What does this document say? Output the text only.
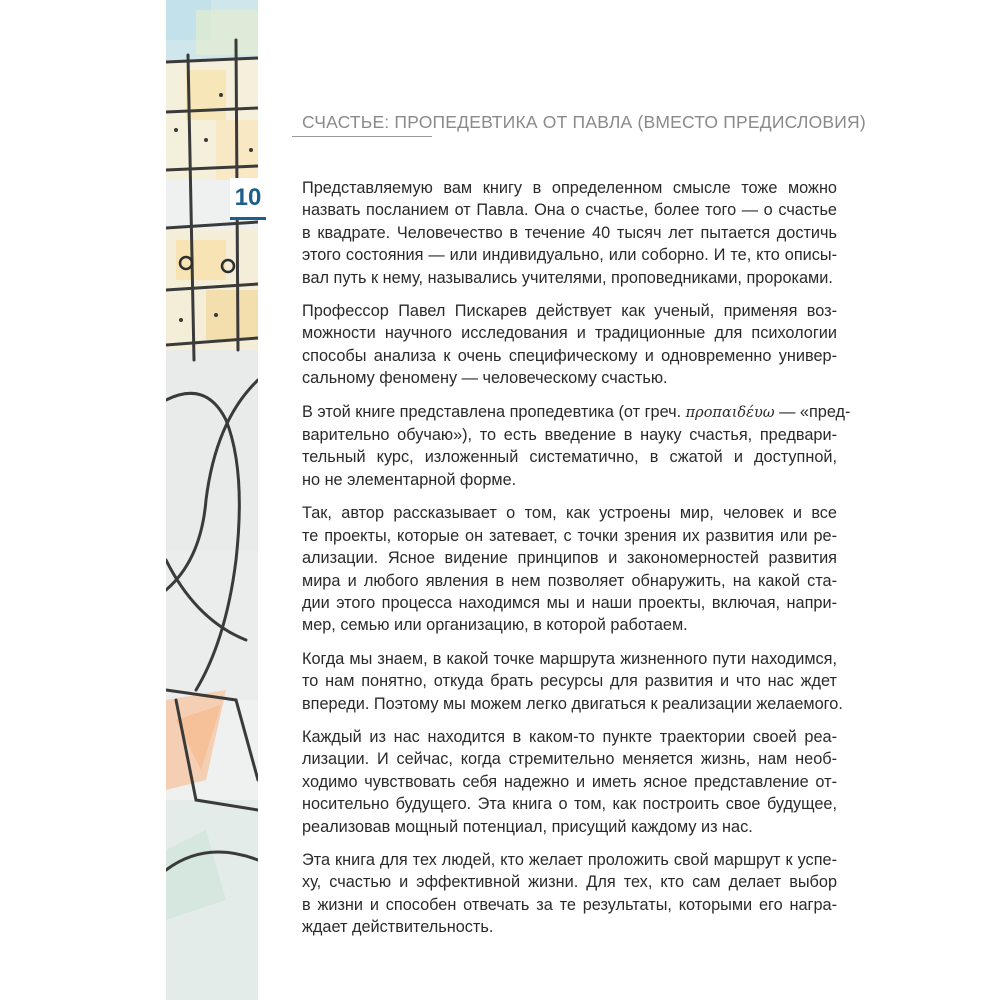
10
СЧАСТЬЕ: ПРОПЕДЕВТИКА ОТ ПАВЛА (ВМЕСТО ПРЕДИСЛОВИЯ)

Представляемую вам книгу в определенном смысле тоже можно
назвать посланием от Павла. Она о счастье, более того — о счастье
в квадрате. Человечество в течение 40 тысяч лет пытается достичь
этого состояния — или индивидуально, или соборно. И те, кто описы-
вал путь к нему, назывались учителями, проповедниками, пророками.

Профессор Павел Пискарев действует как ученый, применяя воз-
можности научного исследования и традиционные для психологии
способы анализа к очень специфическому и одновременно универ-
сальному феномену — человеческому счастью.

В этой книге представлена пропедевтика (от греч. προπαιδέυω — «пред-
варительно обучаю»), то есть введение в науку счастья, предвари-
тельный курс, изложенный систематично, в сжатой и доступной,
но не элементарной форме.

Так, автор рассказывает о том, как устроены мир, человек и все
те проекты, которые он затевает, с точки зрения их развития или ре-
ализации. Ясное видение принципов и закономерностей развития
мира и любого явления в нем позволяет обнаружить, на какой ста-
дии этого процесса находимся мы и наши проекты, включая, напри-
мер, семью или организацию, в которой работаем.

Когда мы знаем, в какой точке маршрута жизненного пути находимся,
то нам понятно, откуда брать ресурсы для развития и что нас ждет
впереди. Поэтому мы можем легко двигаться к реализации желаемого.

Каждый из нас находится в каком-то пункте траектории своей реа-
лизации. И сейчас, когда стремительно меняется жизнь, нам необ-
ходимо чувствовать себя надежно и иметь ясное представление от-
носительно будущего. Эта книга о том, как построить свое будущее,
реализовав мощный потенциал, присущий каждому из нас.

Эта книга для тех людей, кто желает проложить свой маршрут к успе-
ху, счастью и эффективной жизни. Для тех, кто сам делает выбор
в жизни и способен отвечать за те результаты, которыми его награ-
ждает действительность.
